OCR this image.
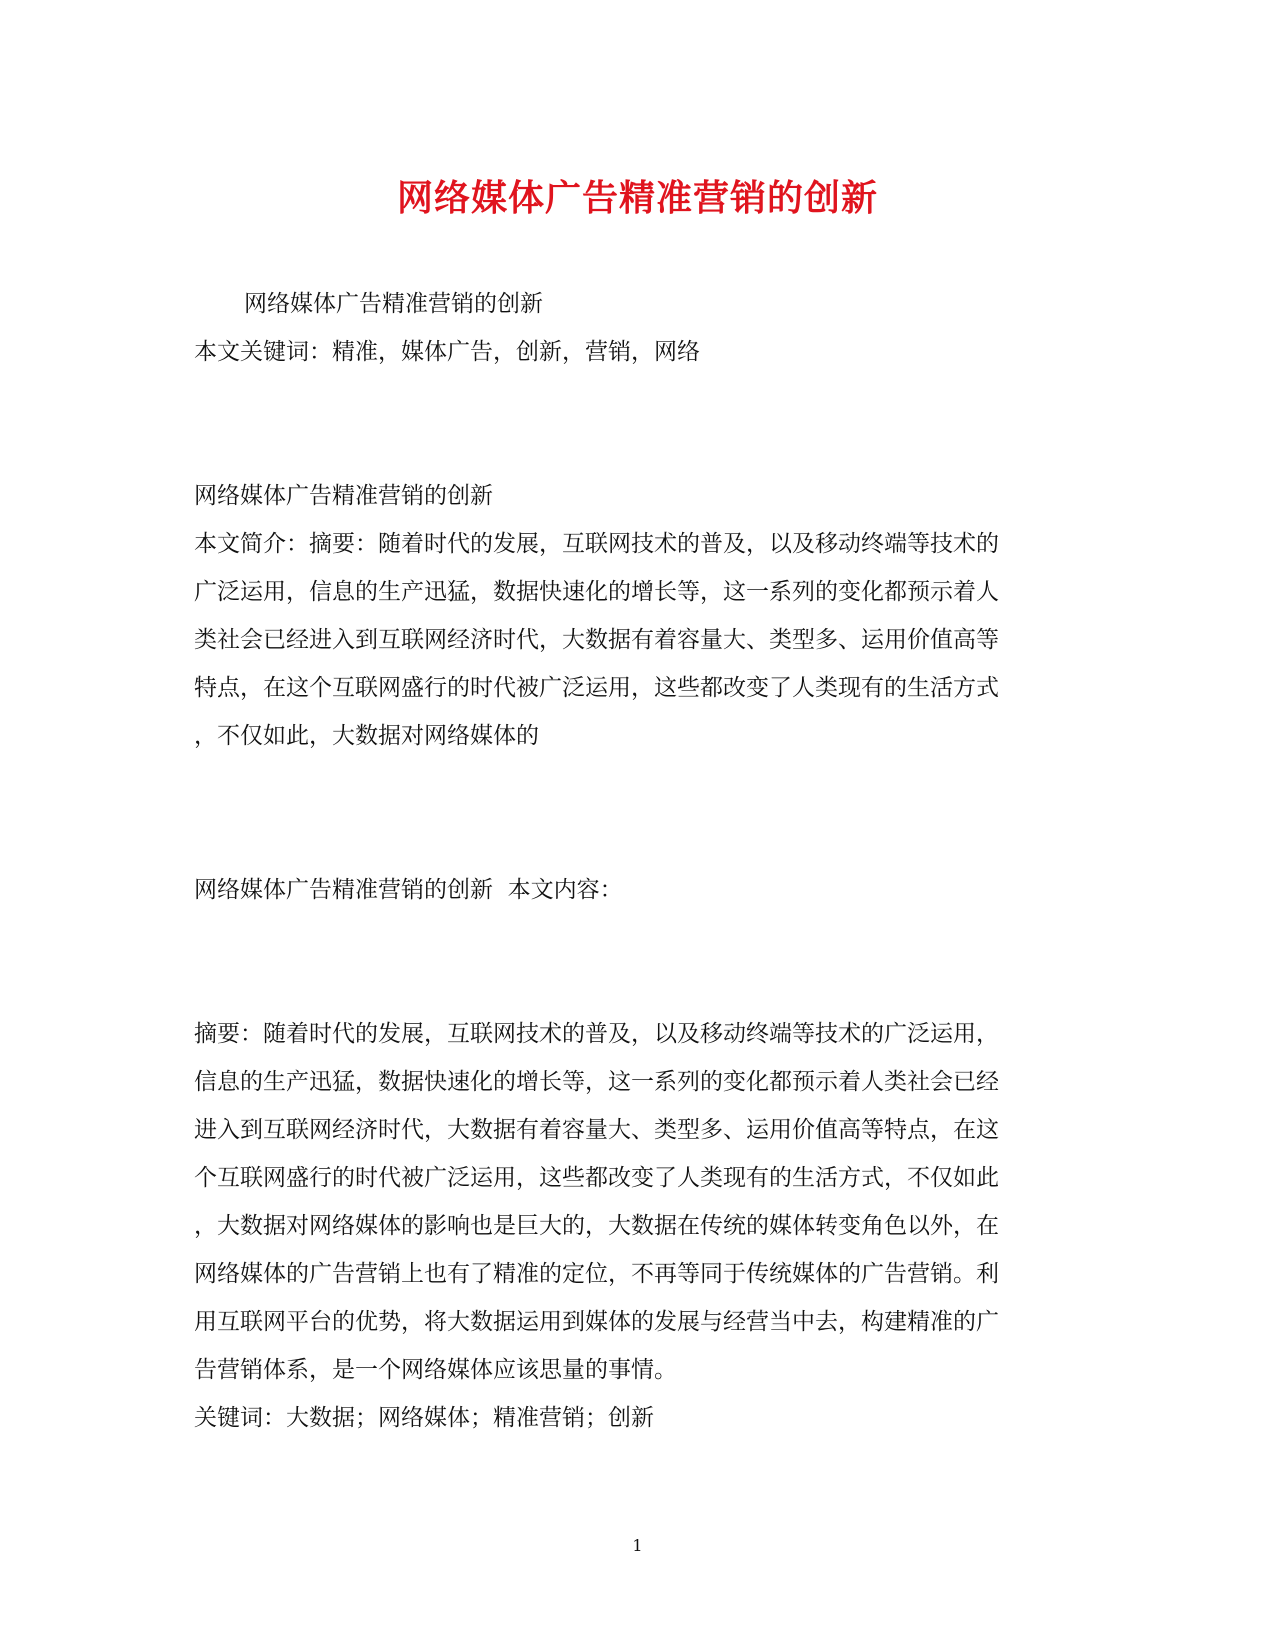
网络媒体广告精准营销的创新
网络媒体广告精准营销的创新
本文关键词：精准，媒体广告，创新，营销，网络
网络媒体广告精准营销的创新
本文简介：摘要：随着时代的发展，互联网技术的普及，以及移动终端等技术的
广泛运用，信息的生产迅猛，数据快速化的增长等，这一系列的变化都预示着人
类社会已经进入到互联网经济时代，大数据有着容量大、类型多、运用价值高等
特点，在这个互联网盛行的时代被广泛运用，这些都改变了人类现有的生活方式
，不仅如此，大数据对网络媒体的
网络媒体广告精准营销的创新  本文内容：
摘要：随着时代的发展，互联网技术的普及，以及移动终端等技术的广泛运用，
信息的生产迅猛，数据快速化的增长等，这一系列的变化都预示着人类社会已经
进入到互联网经济时代，大数据有着容量大、类型多、运用价值高等特点，在这
个互联网盛行的时代被广泛运用，这些都改变了人类现有的生活方式，不仅如此
，大数据对网络媒体的影响也是巨大的，大数据在传统的媒体转变角色以外，在
网络媒体的广告营销上也有了精准的定位，不再等同于传统媒体的广告营销。利
用互联网平台的优势，将大数据运用到媒体的发展与经营当中去，构建精准的广
告营销体系，是一个网络媒体应该思量的事情。
关键词：大数据；网络媒体；精准营销；创新
1
